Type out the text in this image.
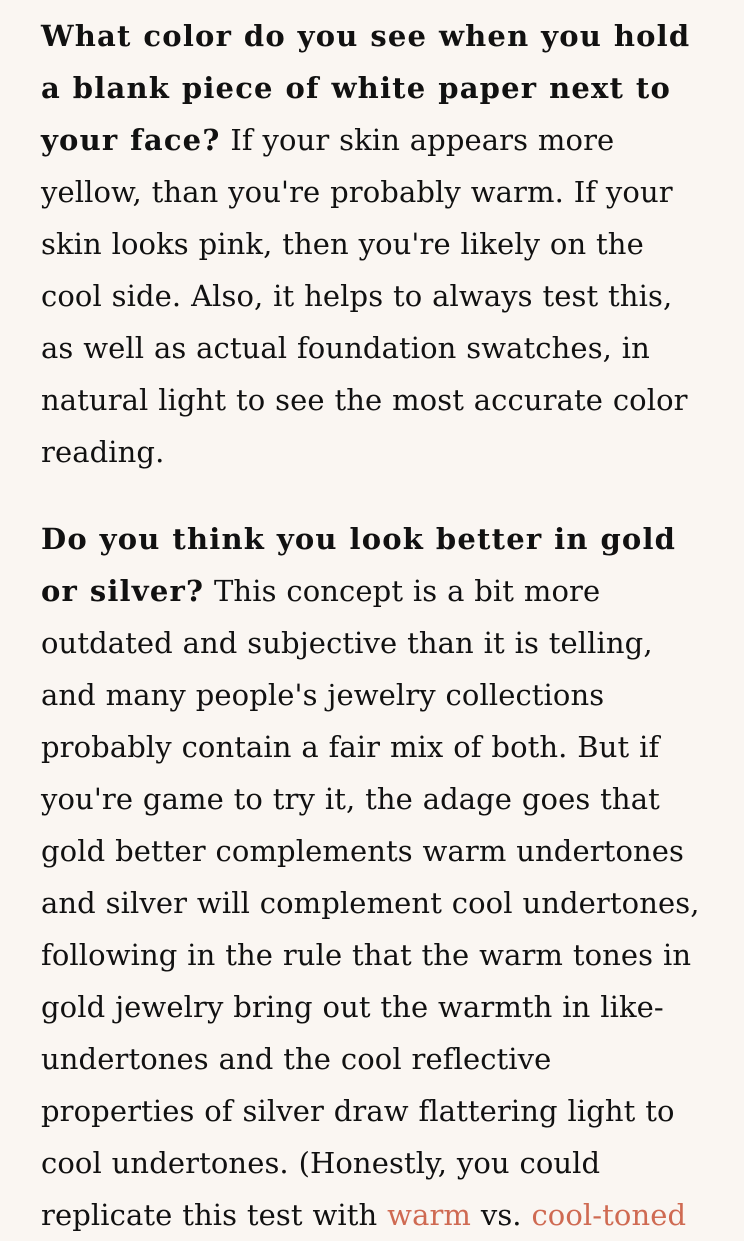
What color do you see when you hold a blank piece of white paper next to your face? If your skin appears more yellow, than you're probably warm. If your skin looks pink, then you're likely on the cool side. Also, it helps to always test this, as well as actual foundation swatches, in natural light to see the most accurate color reading.

Do you think you look better in gold or silver? This concept is a bit more outdated and subjective than it is telling, and many people's jewelry collections probably contain a fair mix of both. But if you're game to try it, the adage goes that gold better complements warm undertones and silver will complement cool undertones, following in the rule that the warm tones in gold jewelry bring out the warmth in like-undertones and the cool reflective properties of silver draw flattering light to cool undertones. (Honestly, you could replicate this test with warm vs. cool-toned
